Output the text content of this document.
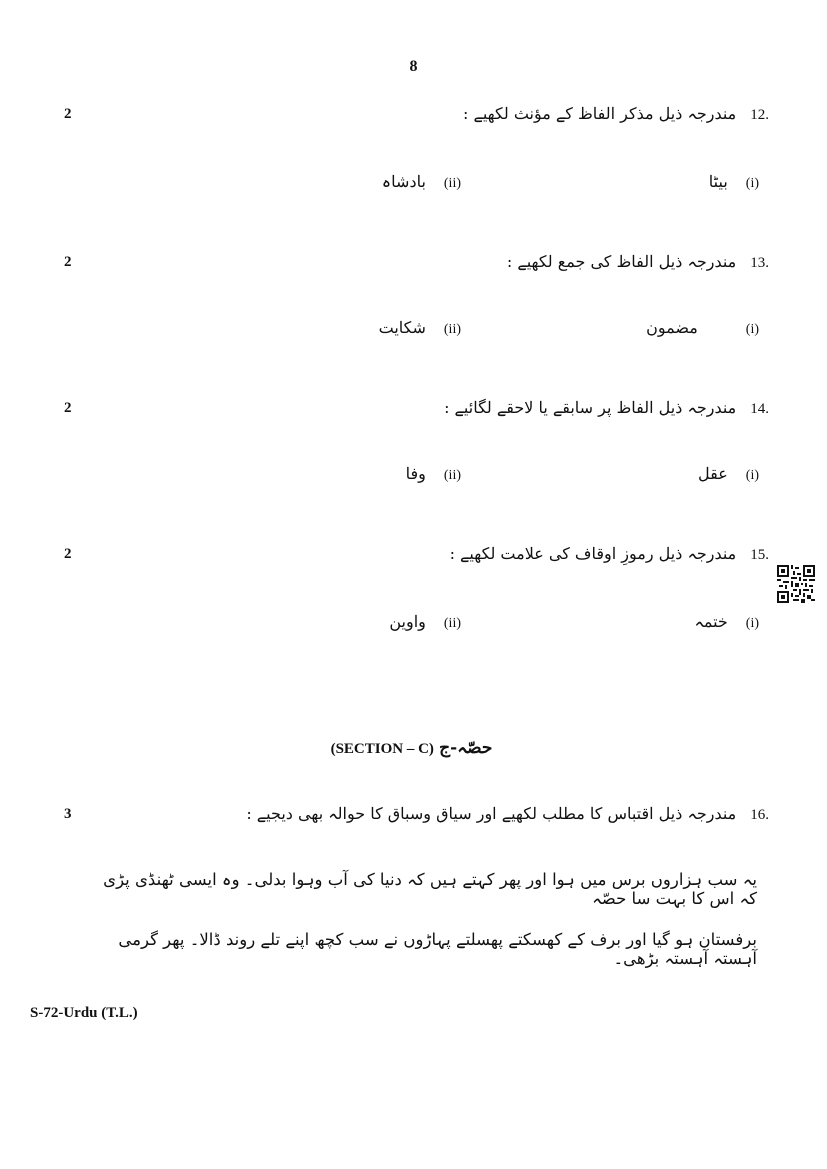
8
2	12.
مندرجہ ذیل مذکر الفاظ کے مؤنث لکھیے :
(i)
بیٹا
(ii)
بادشاہ
2	13.
مندرجہ ذیل الفاظ کی جمع لکھیے :
(i)
مضمون
(ii)
شکایت
2	14.
مندرجہ ذیل الفاظ پر سابقے یا لاحقے لگائیے :
(i)
عقل
(ii)
وفا
2	15.
مندرجہ ذیل رموزِ اوقاف کی علامت لکھیے :
(i)
ختمہ
(ii)
واوین
(SECTION – C) حصّہ-ج
3	16.
مندرجہ ذیل اقتباس کا مطلب لکھیے اور سیاق وسباق کا حوالہ بھی دیجیے :
یہ سب ہزاروں برس میں ہوا اور پھر کہتے ہیں کہ دنیا کی آب وہوا بدلی۔ وہ ایسی ٹھنڈی پڑی کہ اس کا بہت سا حصّہ
برفستان ہو گیا اور برف کے کھسکتے پھسلتے پہاڑوں نے سب کچھ اپنے تلے روند ڈالا۔ پھر گرمی آہستہ آہستہ بڑھی۔
S-72-Urdu (T.L.)
